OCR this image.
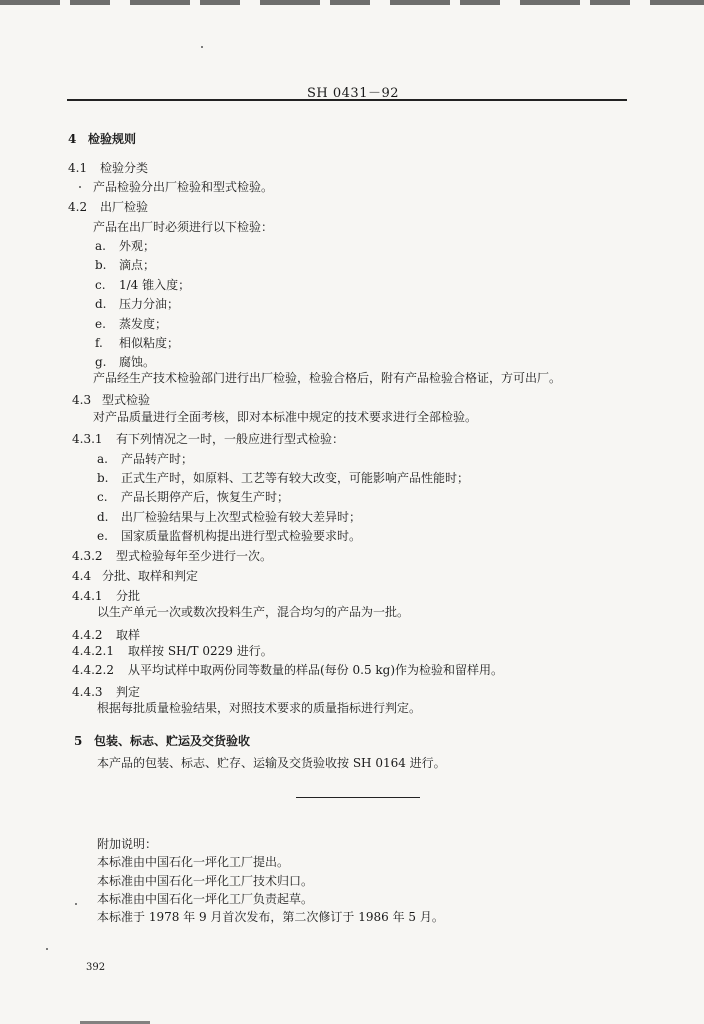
SH 0431－92
4 检验规则
4.1 检验分类
产品检验分出厂检验和型式检验。
4.2 出厂检验
产品在出厂时必须进行以下检验：
a. 外观；
b. 滴点；
c. 1/4 锥入度；
d. 压力分油；
e. 蒸发度；
f. 相似粘度；
g. 腐蚀。
产品经生产技术检验部门进行出厂检验，检验合格后，附有产品检验合格证，方可出厂。
4.3 型式检验
对产品质量进行全面考核，即对本标准中规定的技术要求进行全部检验。
4.3.1 有下列情况之一时，一般应进行型式检验：
a. 产品转产时；
b. 正式生产时，如原料、工艺等有较大改变，可能影响产品性能时；
c. 产品长期停产后，恢复生产时；
d. 出厂检验结果与上次型式检验有较大差异时；
e. 国家质量监督机构提出进行型式检验要求时。
4.3.2 型式检验每年至少进行一次。
4.4 分批、取样和判定
4.4.1 分批
以生产单元一次或数次投料生产，混合均匀的产品为一批。
4.4.2 取样
4.4.2.1 取样按 SH/T 0229 进行。
4.4.2.2 从平均试样中取两份同等数量的样品(每份 0.5 kg)作为检验和留样用。
4.4.3 判定
根据每批质量检验结果，对照技术要求的质量指标进行判定。
5 包装、标志、贮运及交货验收
本产品的包装、标志、贮存、运输及交货验收按 SH 0164 进行。
附加说明：
本标准由中国石化一坪化工厂提出。
本标准由中国石化一坪化工厂技术归口。
本标准由中国石化一坪化工厂负责起草。
本标准于 1978 年 9 月首次发布，第二次修订于 1986 年 5 月。
392
